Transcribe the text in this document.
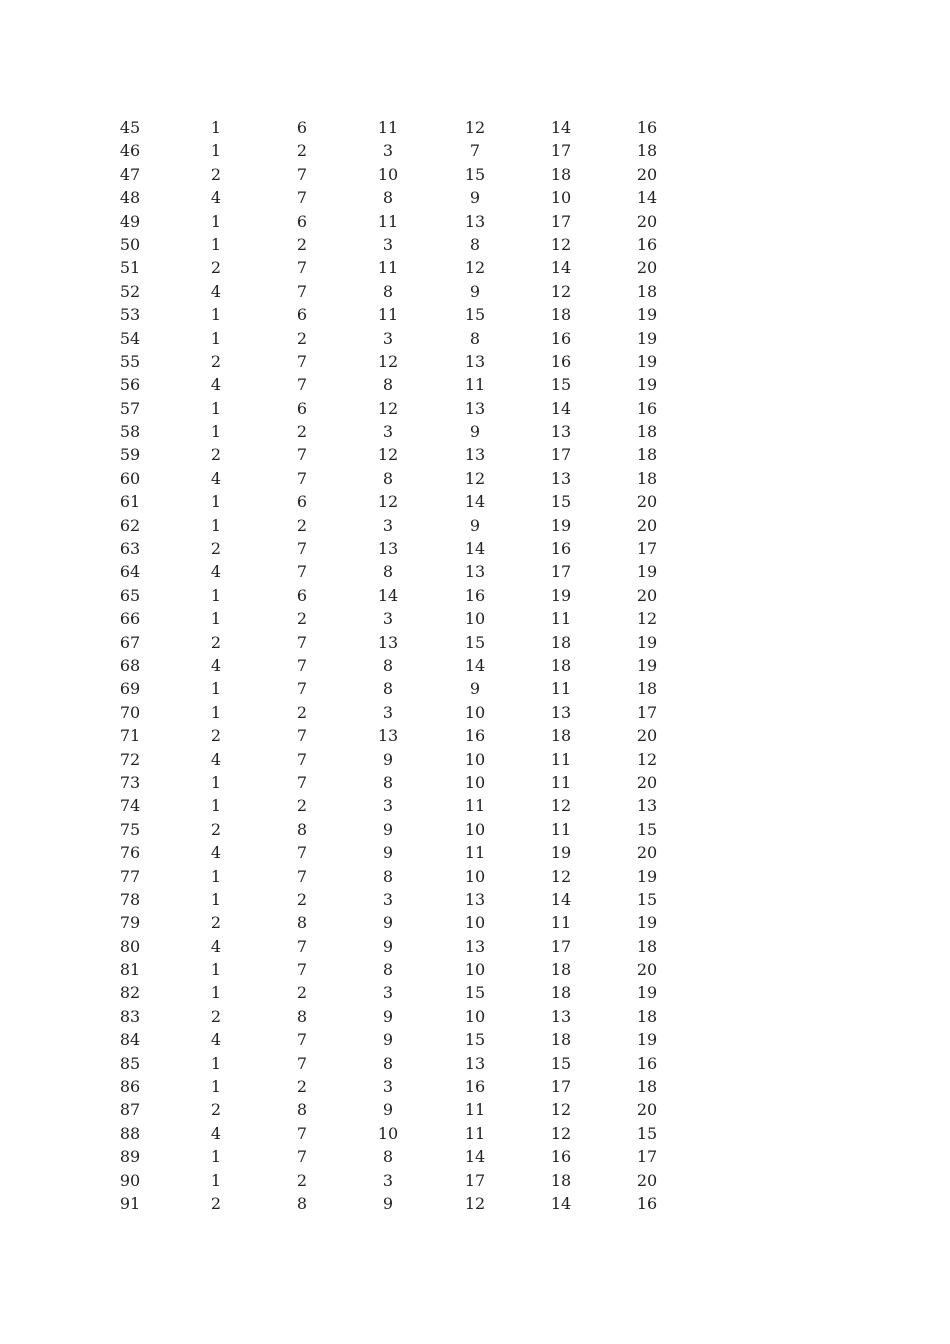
45	1	6	11	12	14	16
46	1	2	3	7	17	18
47	2	7	10	15	18	20
48	4	7	8	9	10	14
49	1	6	11	13	17	20
50	1	2	3	8	12	16
51	2	7	11	12	14	20
52	4	7	8	9	12	18
53	1	6	11	15	18	19
54	1	2	3	8	16	19
55	2	7	12	13	16	19
56	4	7	8	11	15	19
57	1	6	12	13	14	16
58	1	2	3	9	13	18
59	2	7	12	13	17	18
60	4	7	8	12	13	18
61	1	6	12	14	15	20
62	1	2	3	9	19	20
63	2	7	13	14	16	17
64	4	7	8	13	17	19
65	1	6	14	16	19	20
66	1	2	3	10	11	12
67	2	7	13	15	18	19
68	4	7	8	14	18	19
69	1	7	8	9	11	18
70	1	2	3	10	13	17
71	2	7	13	16	18	20
72	4	7	9	10	11	12
73	1	7	8	10	11	20
74	1	2	3	11	12	13
75	2	8	9	10	11	15
76	4	7	9	11	19	20
77	1	7	8	10	12	19
78	1	2	3	13	14	15
79	2	8	9	10	11	19
80	4	7	9	13	17	18
81	1	7	8	10	18	20
82	1	2	3	15	18	19
83	2	8	9	10	13	18
84	4	7	9	15	18	19
85	1	7	8	13	15	16
86	1	2	3	16	17	18
87	2	8	9	11	12	20
88	4	7	10	11	12	15
89	1	7	8	14	16	17
90	1	2	3	17	18	20
91	2	8	9	12	14	16
